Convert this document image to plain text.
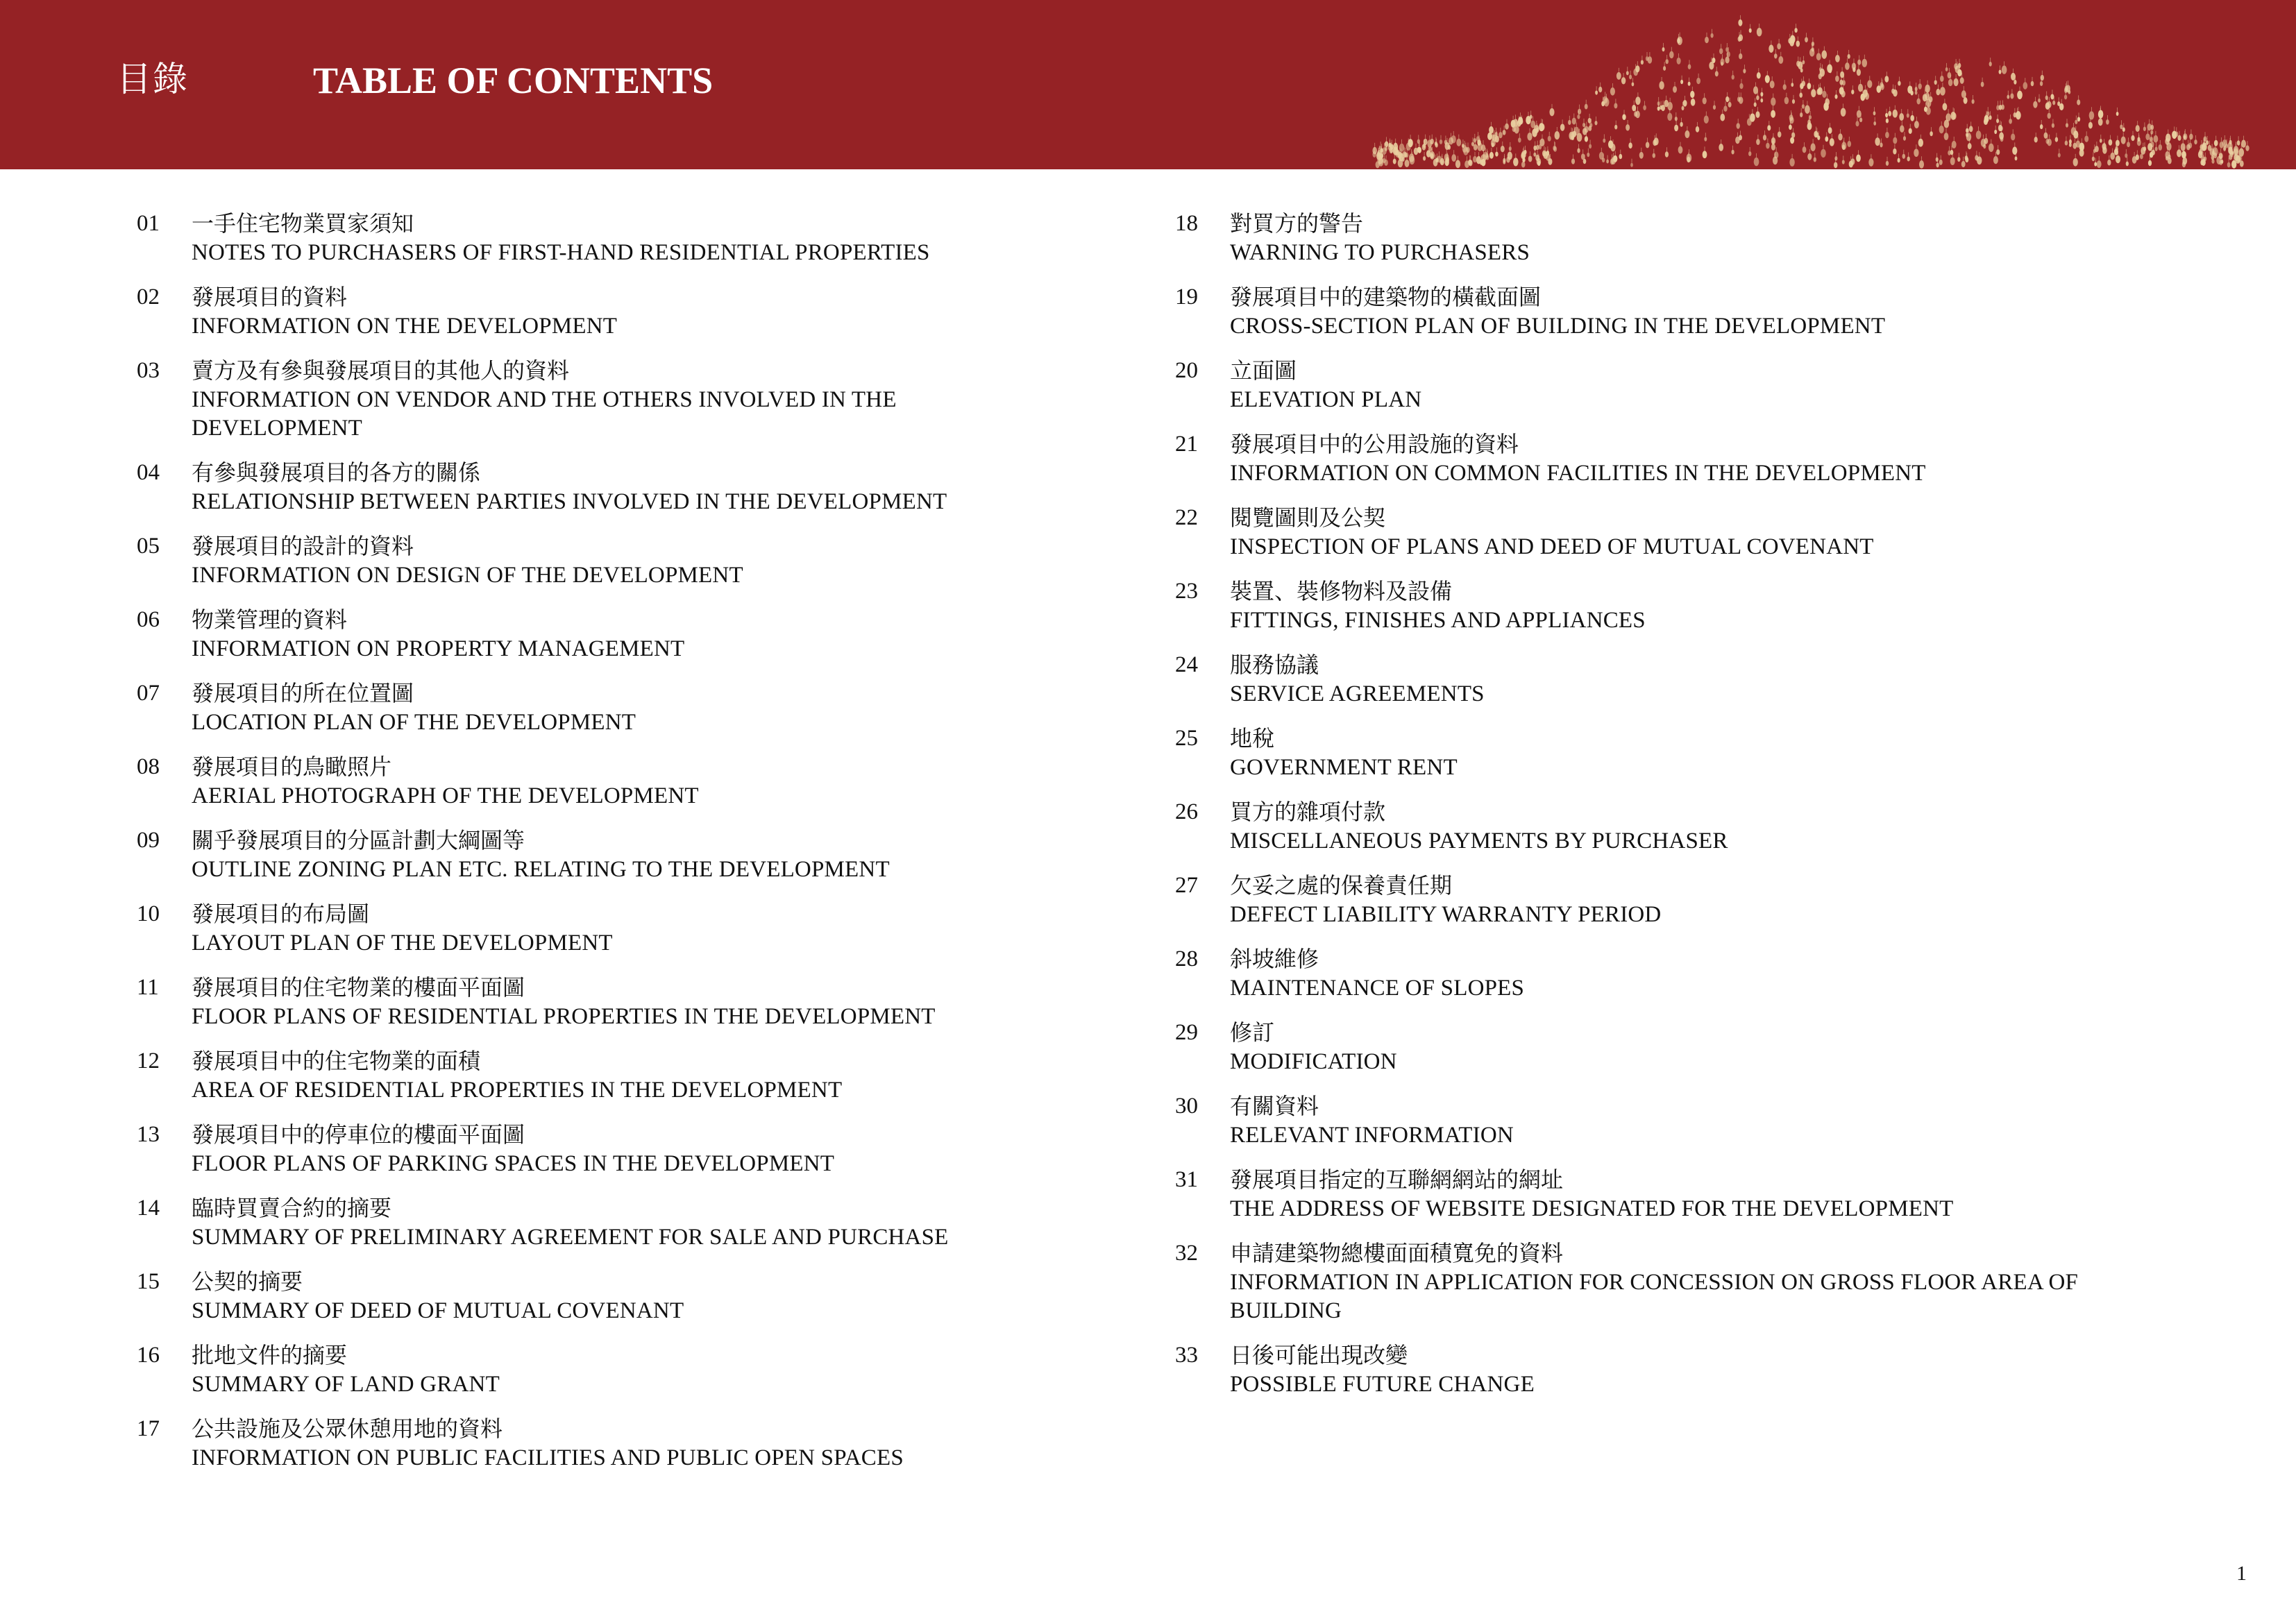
目錄	TABLE OF CONTENTS
01 一手住宅物業買家須知
NOTES TO PURCHASERS OF FIRST-HAND RESIDENTIAL PROPERTIES
02 發展項目的資料
INFORMATION ON THE DEVELOPMENT
03 賣方及有參與發展項目的其他人的資料
INFORMATION ON VENDOR AND THE OTHERS INVOLVED IN THE DEVELOPMENT
04 有參與發展項目的各方的關係
RELATIONSHIP BETWEEN PARTIES INVOLVED IN THE DEVELOPMENT
05 發展項目的設計的資料
INFORMATION ON DESIGN OF THE DEVELOPMENT
06 物業管理的資料
INFORMATION ON PROPERTY MANAGEMENT
07 發展項目的所在位置圖
LOCATION PLAN OF THE DEVELOPMENT
08 發展項目的鳥瞰照片
AERIAL PHOTOGRAPH OF THE DEVELOPMENT
09 關乎發展項目的分區計劃大綱圖等
OUTLINE ZONING PLAN ETC. RELATING TO THE DEVELOPMENT
10 發展項目的布局圖
LAYOUT PLAN OF THE DEVELOPMENT
11 發展項目的住宅物業的樓面平面圖
FLOOR PLANS OF RESIDENTIAL PROPERTIES IN THE DEVELOPMENT
12 發展項目中的住宅物業的面積
AREA OF RESIDENTIAL PROPERTIES IN THE DEVELOPMENT
13 發展項目中的停車位的樓面平面圖
FLOOR PLANS OF PARKING SPACES IN THE DEVELOPMENT
14 臨時買賣合約的摘要
SUMMARY OF PRELIMINARY AGREEMENT FOR SALE AND PURCHASE
15 公契的摘要
SUMMARY OF DEED OF MUTUAL COVENANT
16 批地文件的摘要
SUMMARY OF LAND GRANT
17 公共設施及公眾休憩用地的資料
INFORMATION ON PUBLIC FACILITIES AND PUBLIC OPEN SPACES
18 對買方的警告
WARNING TO PURCHASERS
19 發展項目中的建築物的橫截面圖
CROSS-SECTION PLAN OF BUILDING IN THE DEVELOPMENT
20 立面圖
ELEVATION PLAN
21 發展項目中的公用設施的資料
INFORMATION ON COMMON FACILITIES IN THE DEVELOPMENT
22 閱覽圖則及公契
INSPECTION OF PLANS AND DEED OF MUTUAL COVENANT
23 裝置、裝修物料及設備
FITTINGS, FINISHES AND APPLIANCES
24 服務協議
SERVICE AGREEMENTS
25 地稅
GOVERNMENT RENT
26 買方的雜項付款
MISCELLANEOUS PAYMENTS BY PURCHASER
27 欠妥之處的保養責任期
DEFECT LIABILITY WARRANTY PERIOD
28 斜坡維修
MAINTENANCE OF SLOPES
29 修訂
MODIFICATION
30 有關資料
RELEVANT INFORMATION
31 發展項目指定的互聯網網站的網址
THE ADDRESS OF WEBSITE DESIGNATED FOR THE DEVELOPMENT
32 申請建築物總樓面面積寬免的資料
INFORMATION IN APPLICATION FOR CONCESSION ON GROSS FLOOR AREA OF BUILDING
33 日後可能出現改變
POSSIBLE FUTURE CHANGE
1
